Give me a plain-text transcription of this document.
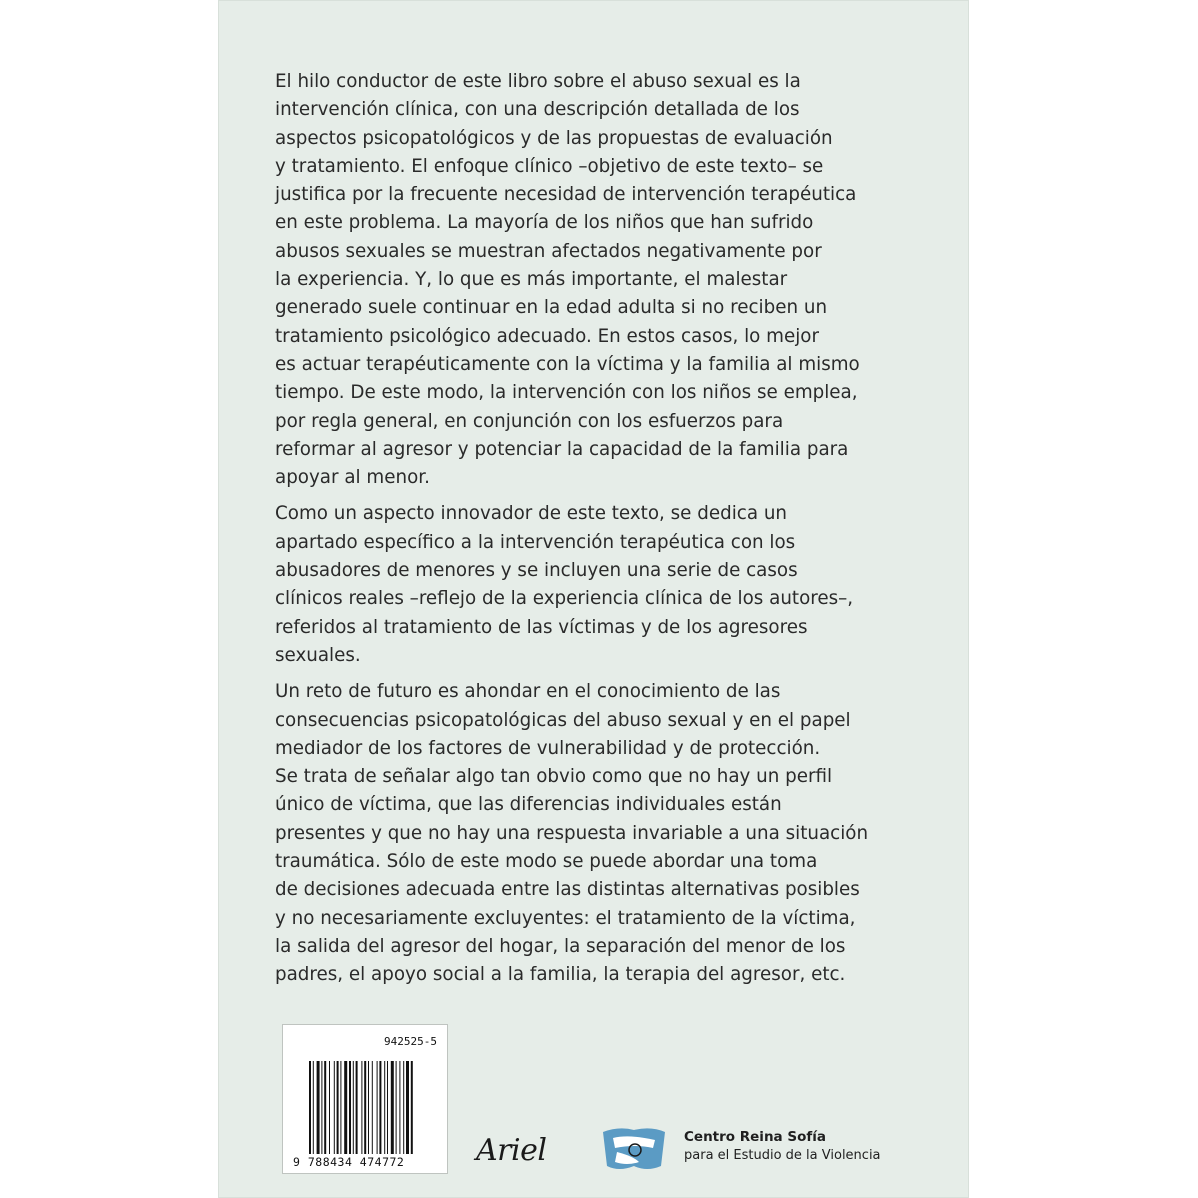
El hilo conductor de este libro sobre el abuso sexual es la
intervención clínica, con una descripción detallada de los
aspectos psicopatológicos y de las propuestas de evaluación
y tratamiento. El enfoque clínico –objetivo de este texto– se
justifica por la frecuente necesidad de intervención terapéutica
en este problema. La mayoría de los niños que han sufrido
abusos sexuales se muestran afectados negativamente por
la experiencia. Y, lo que es más importante, el malestar
generado suele continuar en la edad adulta si no reciben un
tratamiento psicológico adecuado. En estos casos, lo mejor
es actuar terapéuticamente con la víctima y la familia al mismo
tiempo. De este modo, la intervención con los niños se emplea,
por regla general, en conjunción con los esfuerzos para
reformar al agresor y potenciar la capacidad de la familia para
apoyar al menor.

Como un aspecto innovador de este texto, se dedica un
apartado específico a la intervención terapéutica con los
abusadores de menores y se incluyen una serie de casos
clínicos reales –reflejo de la experiencia clínica de los autores–,
referidos al tratamiento de las víctimas y de los agresores
sexuales.

Un reto de futuro es ahondar en el conocimiento de las
consecuencias psicopatológicas del abuso sexual y en el papel
mediador de los factores de vulnerabilidad y de protección.
Se trata de señalar algo tan obvio como que no hay un perfil
único de víctima, que las diferencias individuales están
presentes y que no hay una respuesta invariable a una situación
traumática. Sólo de este modo se puede abordar una toma
de decisiones adecuada entre las distintas alternativas posibles
y no necesariamente excluyentes: el tratamiento de la víctima,
la salida del agresor del hogar, la separación del menor de los
padres, el apoyo social a la familia, la terapia del agresor, etc.

942525-5
9 788434 474772 Ariel	Centro Reina Sofía
para el Estudio de la Violencia
